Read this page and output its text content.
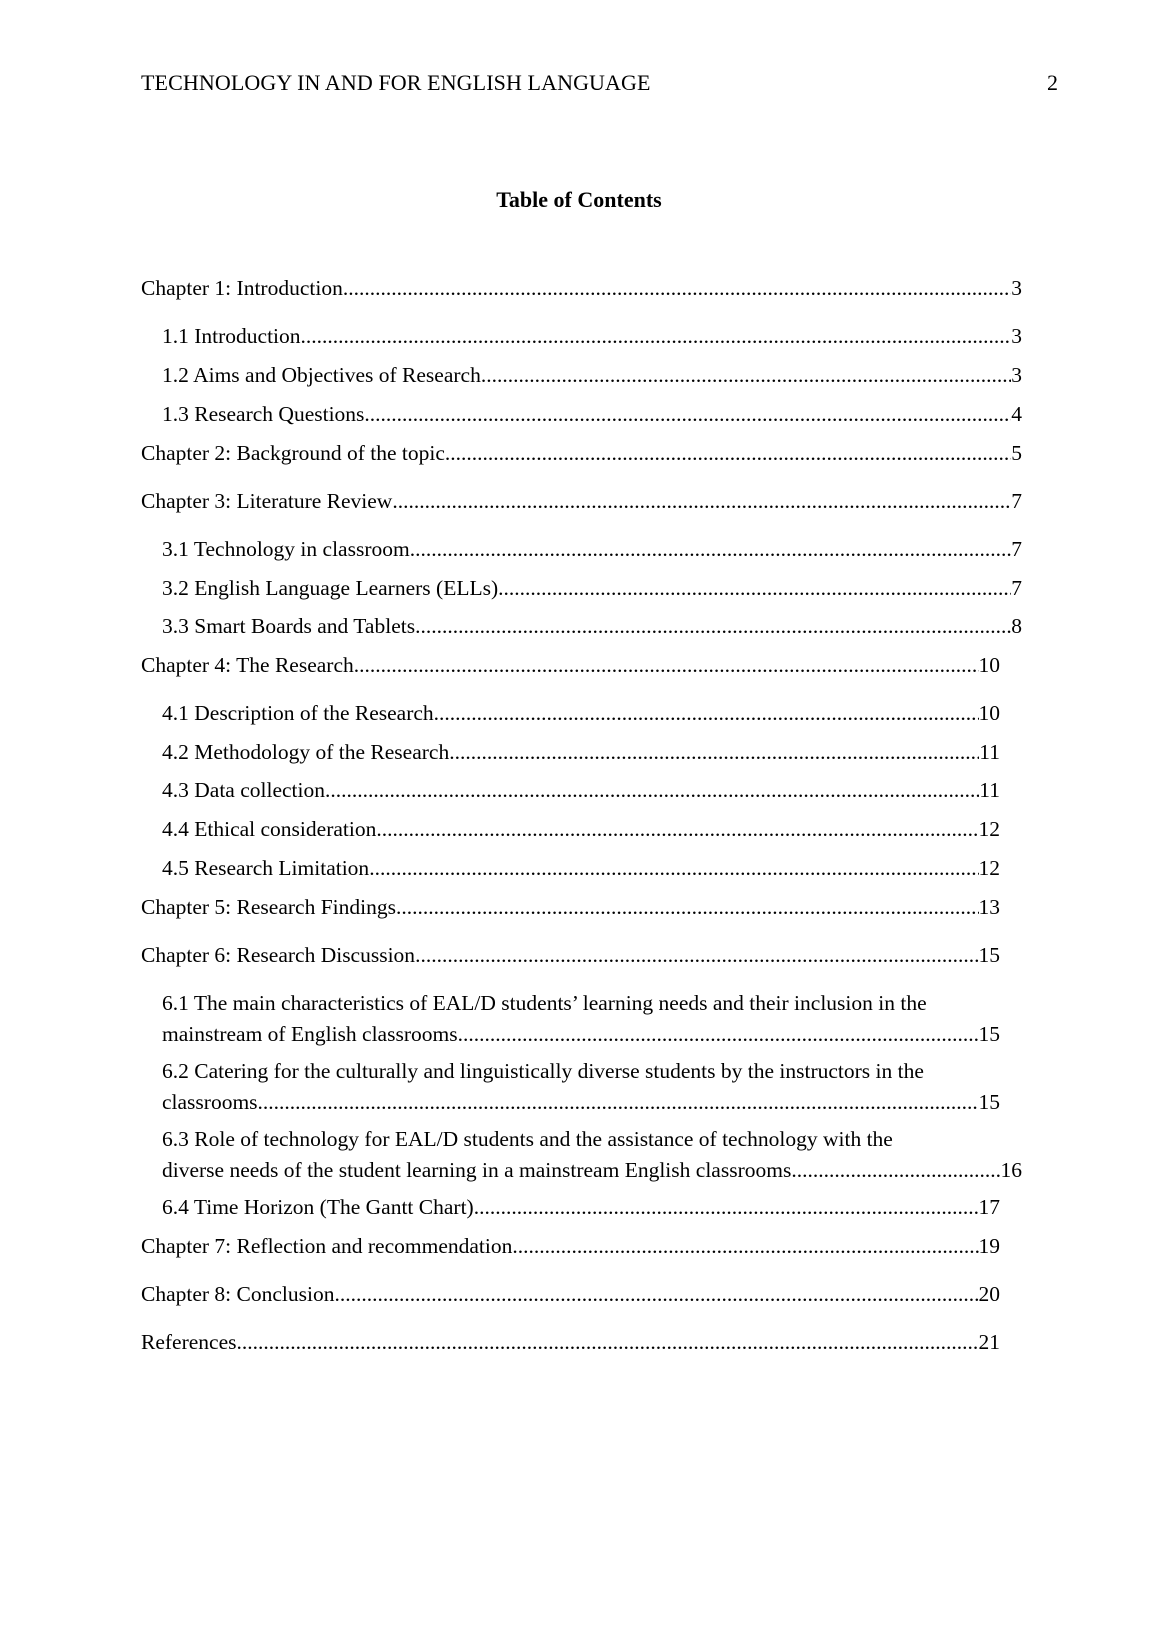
TECHNOLOGY IN AND FOR ENGLISH LANGUAGE	2
Table of Contents
Chapter 1: Introduction .....	3
1.1 Introduction .....	3
1.2 Aims and Objectives of Research .....	3
1.3 Research Questions .....	4
Chapter 2: Background of the topic .....	5
Chapter 3: Literature Review .....	7
3.1 Technology in classroom .....	7
3.2 English Language Learners (ELLs) .....	7
3.3 Smart Boards and Tablets .....	8
Chapter 4: The Research .....	10
4.1 Description of the Research .....	10
4.2 Methodology of the Research .....	11
4.3 Data collection .....	11
4.4 Ethical consideration .....	12
4.5 Research Limitation .....	12
Chapter 5: Research Findings .....	13
Chapter 6: Research Discussion .....	15
6.1 The main characteristics of EAL/D students’ learning needs and their inclusion in the
mainstream of English classrooms .....	15
6.2 Catering for the culturally and linguistically diverse students by the instructors in the
classrooms .....	15
6.3 Role of technology for EAL/D students and the assistance of technology with the
diverse needs of the student learning in a mainstream English classrooms .....	16
6.4 Time Horizon (The Gantt Chart) .....	17
Chapter 7: Reflection and recommendation .....	19
Chapter 8: Conclusion .....	20
References .....	21
